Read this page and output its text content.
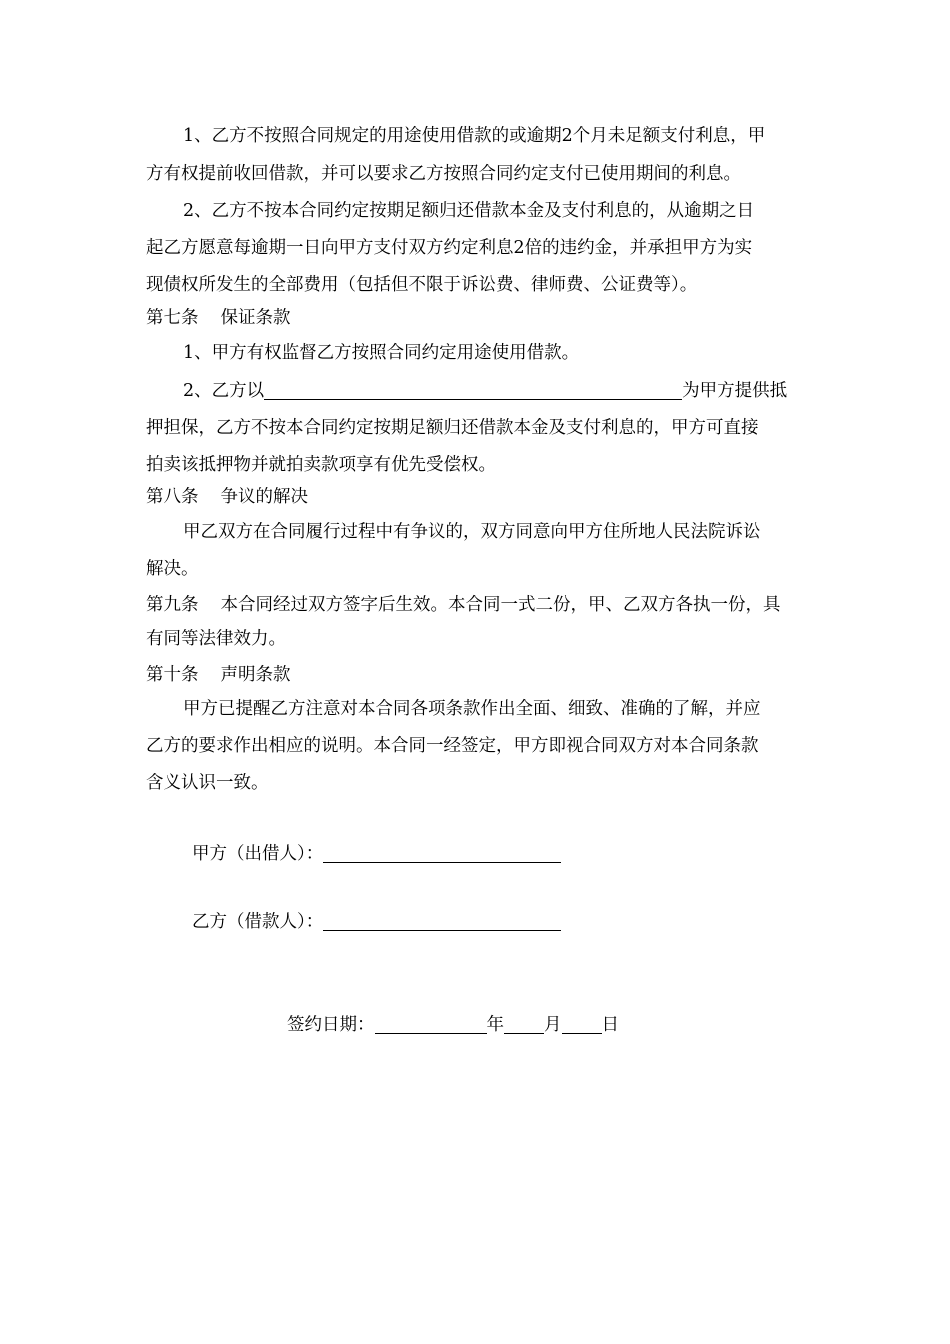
1、乙方不按照合同规定的用途使用借款的或逾期2个月未足额支付利息，甲
方有权提前收回借款，并可以要求乙方按照合同约定支付已使用期间的利息。
2、乙方不按本合同约定按期足额归还借款本金及支付利息的，从逾期之日
起乙方愿意每逾期一日向甲方支付双方约定利息2倍的违约金，并承担甲方为实
现债权所发生的全部费用（包括但不限于诉讼费、律师费、公证费等）。
第七条 保证条款
1、甲方有权监督乙方按照合同约定用途使用借款。
2、乙方以	为甲方提供抵
押担保，乙方不按本合同约定按期足额归还借款本金及支付利息的，甲方可直接
拍卖该抵押物并就拍卖款项享有优先受偿权。
第八条 争议的解决
甲乙双方在合同履行过程中有争议的，双方同意向甲方住所地人民法院诉讼
解决。
第九条 本合同经过双方签字后生效。本合同一式二份，甲、乙双方各执一份，具
有同等法律效力。
第十条 声明条款
甲方已提醒乙方注意对本合同各项条款作出全面、细致、准确的了解，并应
乙方的要求作出相应的说明。本合同一经签定，甲方即视合同双方对本合同条款
含义认识一致。
甲方（出借人）：
乙方（借款人）：
签约日期：	年 月 日
